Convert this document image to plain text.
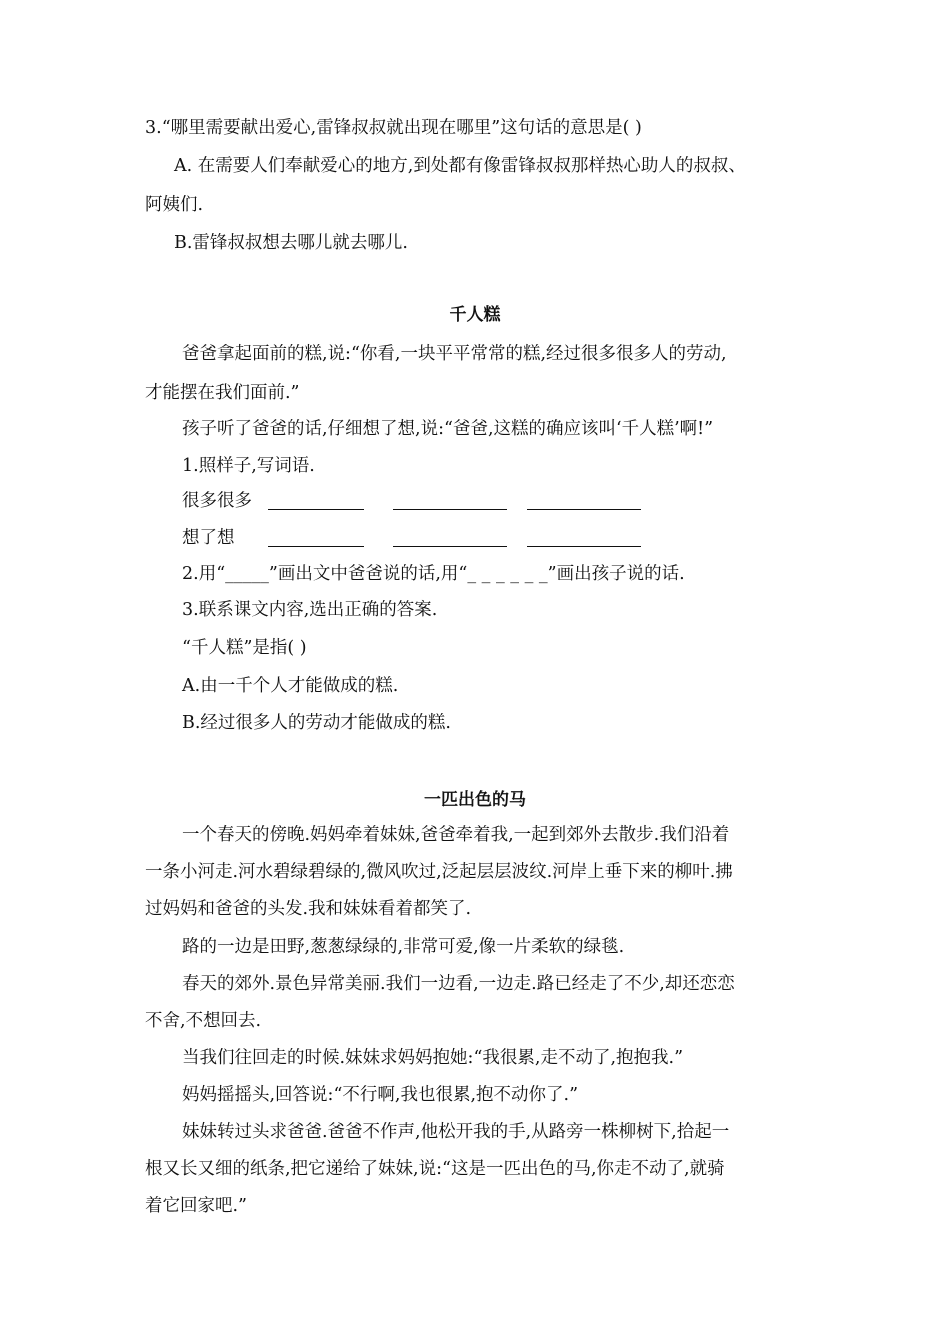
3.“哪里需要献出爱心,雷锋叔叔就出现在哪里”这句话的意思是( )
A. 在需要人们奉献爱心的地方,到处都有像雷锋叔叔那样热心助人的叔叔、
阿姨们.
B.雷锋叔叔想去哪儿就去哪儿.
千人糕
爸爸拿起面前的糕,说:“你看,一块平平常常的糕,经过很多很多人的劳动,
才能摆在我们面前.”
孩子听了爸爸的话,仔细想了想,说:“爸爸,这糕的确应该叫‘千人糕’啊!”
1.照样子,写词语.
很多很多
想了想
2.用“_____”画出文中爸爸说的话,用“_ _ _ _ _ _”画出孩子说的话.
3.联系课文内容,选出正确的答案.
“千人糕”是指( )
A.由一千个人才能做成的糕.
B.经过很多人的劳动才能做成的糕.
一匹出色的马
一个春天的傍晚.妈妈牵着妹妹,爸爸牵着我,一起到郊外去散步.我们沿着
一条小河走.河水碧绿碧绿的,微风吹过,泛起层层波纹.河岸上垂下来的柳叶.拂
过妈妈和爸爸的头发.我和妹妹看着都笑了.
路的一边是田野,葱葱绿绿的,非常可爱,像一片柔软的绿毯.
春天的郊外.景色异常美丽.我们一边看,一边走.路已经走了不少,却还恋恋
不舍,不想回去.
当我们往回走的时候.妹妹求妈妈抱她:“我很累,走不动了,抱抱我.”
妈妈摇摇头,回答说:“不行啊,我也很累,抱不动你了.”
妹妹转过头求爸爸.爸爸不作声,他松开我的手,从路旁一株柳树下,拾起一
根又长又细的纸条,把它递给了妹妹,说:“这是一匹出色的马,你走不动了,就骑
着它回家吧.”
